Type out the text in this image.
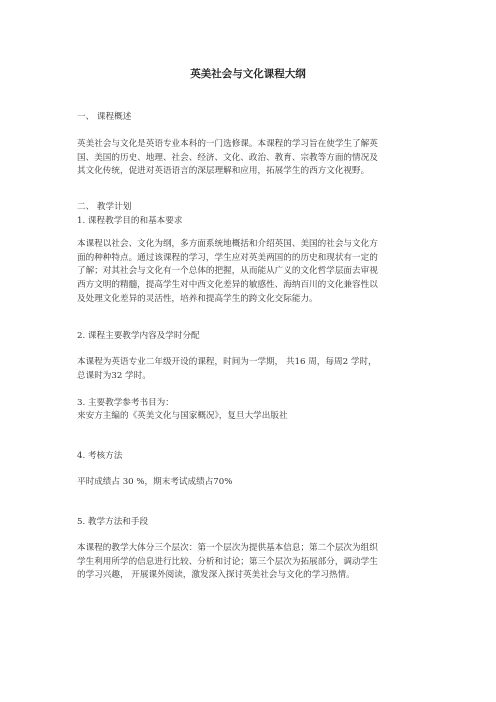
英美社会与文化课程大纲
一、 课程概述
英美社会与文化是英语专业本科的一门选修课。本课程的学习旨在使学生了解英
国、美国的历史、地理、社会、经济、文化、政治、教育、宗教等方面的情况及
其文化传统，促进对英语语言的深层理解和应用，拓展学生的西方文化视野。
二、 教学计划
1. 课程教学目的和基本要求
本课程以社会、文化为纲，多方面系统地概括和介绍英国、美国的社会与文化方
面的种种特点。通过该课程的学习，学生应对英美两国的的历史和现状有一定的
了解；对其社会与文化有一个总体的把握，从而能从广义的文化哲学层面去审视
西方文明的精髓，提高学生对中西文化差异的敏感性、海纳百川的文化兼容性以
及处理文化差异的灵活性，培养和提高学生的跨文化交际能力。
2. 课程主要教学内容及学时分配
本课程为英语专业二年级开设的课程，时间为一学期， 共16 周，每周2 学时，
总课时为32 学时。
3. 主要教学参考书目为：
来安方主编的《英美文化与国家概况》，复旦大学出版社
4. 考核方法
平时成绩占 30 %，期末考试成绩占70%
5. 教学方法和手段
本课程的教学大体分三个层次：第一个层次为提供基本信息；第二个层次为组织
学生利用所学的信息进行比较、分析和讨论；第三个层次为拓展部分，调动学生
的学习兴趣， 开展课外阅读，激发深入探讨英美社会与文化的学习热情。
